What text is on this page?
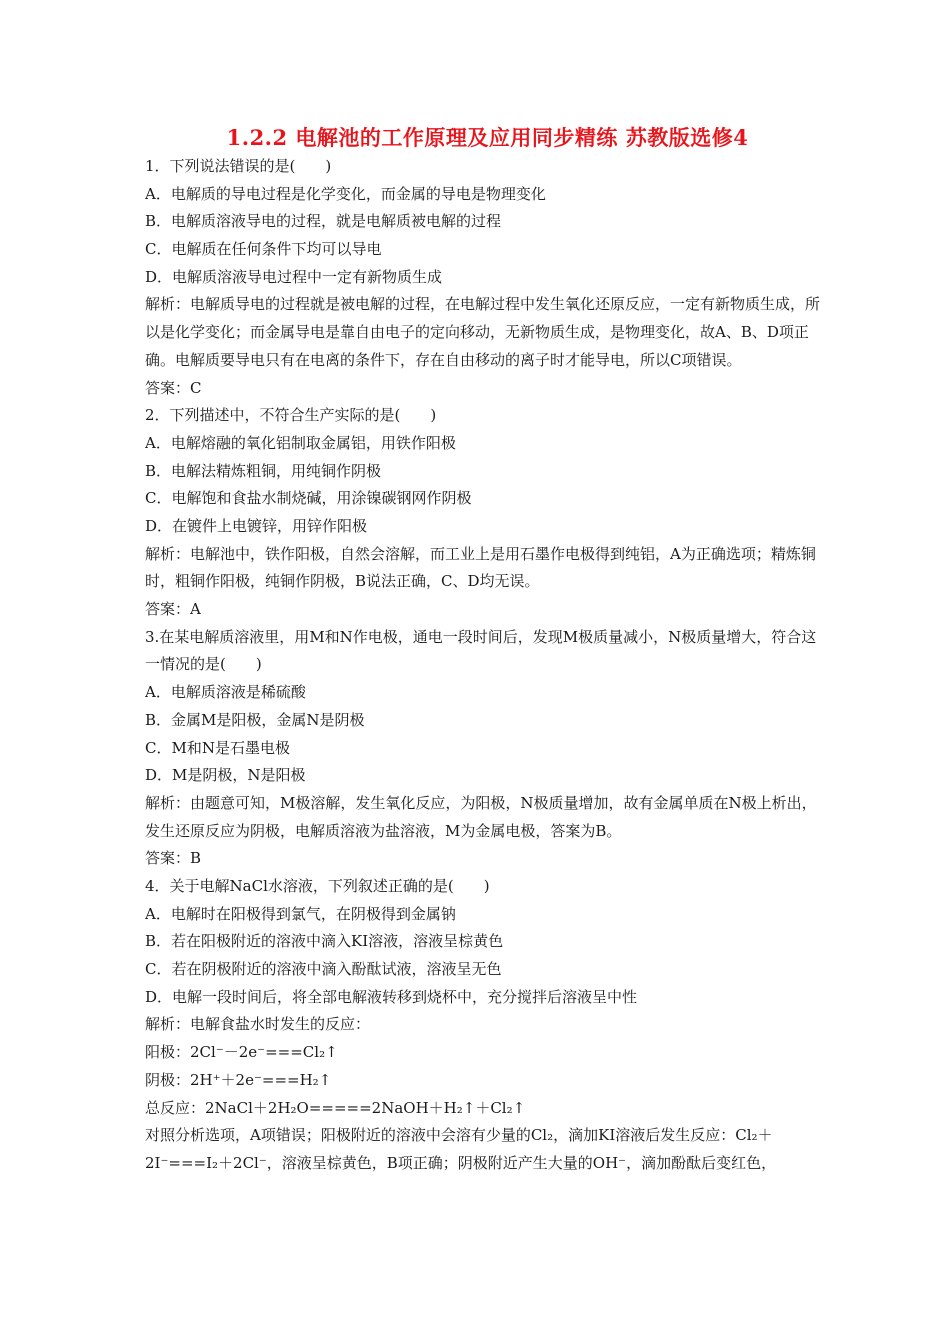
1.2.2 电解池的工作原理及应用同步精练 苏教版选修4
1．下列说法错误的是(　　)
A．电解质的导电过程是化学变化，而金属的导电是物理变化
B．电解质溶液导电的过程，就是电解质被电解的过程
C．电解质在任何条件下均可以导电
D．电解质溶液导电过程中一定有新物质生成
解析：电解质导电的过程就是被电解的过程，在电解过程中发生氧化还原反应，一定有新物质生成，所以是化学变化；而金属导电是靠自由电子的定向移动，无新物质生成，是物理变化，故A、B、D项正确。电解质要导电只有在电离的条件下，存在自由移动的离子时才能导电，所以C项错误。
答案：C
2．下列描述中，不符合生产实际的是(　　)
A．电解熔融的氧化铝制取金属铝，用铁作阳极
B．电解法精炼粗铜，用纯铜作阴极
C．电解饱和食盐水制烧碱，用涂镍碳钢网作阴极
D．在镀件上电镀锌，用锌作阳极
解析：电解池中，铁作阳极，自然会溶解，而工业上是用石墨作电极得到纯铝，A为正确选项；精炼铜时，粗铜作阳极，纯铜作阴极，B说法正确，C、D均无误。
答案：A
3.在某电解质溶液里，用M和N作电极，通电一段时间后，发现M极质量减小，N极质量增大，符合这一情况的是(　　)
A．电解质溶液是稀硫酸
B．金属M是阳极，金属N是阴极
C．M和N是石墨电极
D．M是阴极，N是阳极
解析：由题意可知，M极溶解，发生氧化反应，为阳极，N极质量增加，故有金属单质在N极上析出，发生还原反应为阴极，电解质溶液为盐溶液，M为金属电极，答案为B。
答案：B
4．关于电解NaCl水溶液，下列叙述正确的是(　　)
A．电解时在阳极得到氯气，在阴极得到金属钠
B．若在阳极附近的溶液中滴入KI溶液，溶液呈棕黄色
C．若在阴极附近的溶液中滴入酚酞试液，溶液呈无色
D．电解一段时间后，将全部电解液转移到烧杯中，充分搅拌后溶液呈中性
解析：电解食盐水时发生的反应：
阳极：2Cl⁻－2e⁻===Cl₂↑
阴极：2H⁺＋2e⁻===H₂↑
总反应：2NaCl＋2H₂O=====2NaOH＋H₂↑＋Cl₂↑
对照分析选项，A项错误；阳极附近的溶液中会溶有少量的Cl₂，滴加KI溶液后发生反应：Cl₂＋2I⁻===I₂＋2Cl⁻，溶液呈棕黄色，B项正确；阴极附近产生大量的OH⁻，滴加酚酞后变红色，
